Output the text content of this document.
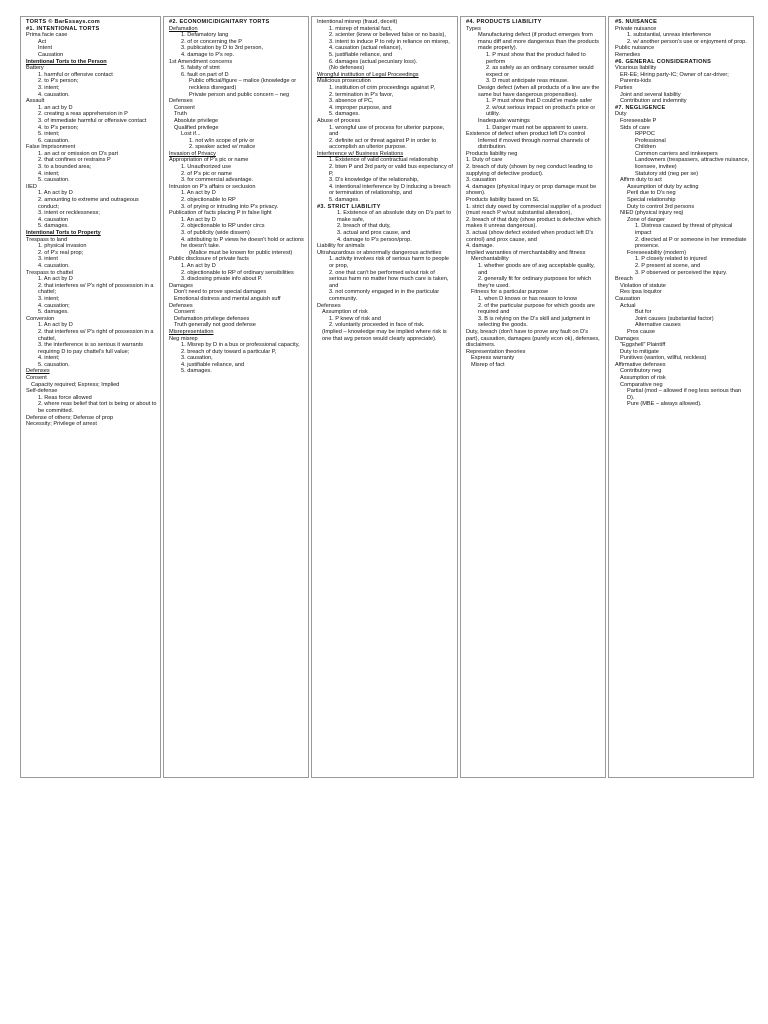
TORTS © BarEssays.com
#1. INTENTIONAL TORTS
Prima facie case
Act
Intent
Causation
Intentional Torts to the Person
Battery
1. harmful or offensive contact
2. to P's person;
3. intent;
4. causation.
Assault
1. an act by D
2. creating a reas apprehension in P
3. of immediate harmful or offensive contact
4. to P's person;
5. intent;
6. causation.
False Imprisonment
1. an act or omission on D's part
2. that confines or restrains P
3. to a bounded area;
4. intent;
5. causation.
IIED
1. An act by D
2. amounting to extreme and outrageous conduct;
3. intent or recklessness;
4. causation
5. damages.
Intentional Torts to Property
Trespass to land
1. physical invasion
2. of P's real prop;
3. intent
4. causation.
Trespass to chattel
1. An act by D
2. that interferes w/ P's right of possession in a chattel;
3. intent;
4. causation;
5. damages.
Conversion
1. An act by D
2. that interferes w/ P's right of possession in a chattel,
3. the interference is so serious it warrants requiring D to pay chattel's full value;
4. intent;
5. causation.
Defenses
Consent
Capacity required; Express; Implied
Self-defense
1. Reas force allowed
2. where reas belief that tort is being or about to be committed.
Defense of others; Defense of prop
Necessity; Privilege of arrest
#2. ECONOMIC/DIGNITARY TORTS
Defamation
1. Defamatory lang
2. of or concerning the P
3. publication by D to 3rd person,
4. damage to P's rep.
1st Amendment concerns
5. falsity of stmt
6. fault on part of D
Public official/figure – malice (knowledge or reckless disregard)
Private person and public concern – neg
Defenses
Consent
Truth
Absolute privilege
Qualified privilege
Lost if...
1. not w/in scope of priv or
2. speaker acted w/ malice
Invasion of Privacy
Appropriation of P's pic or name
1. Unauthorized use
2. of P's pic or name
3. for commercial advantage.
Intrusion on P's affairs or seclusion
1. An act by D
2. objectionable to RP
3. of prying or intruding into P's privacy.
Publication of facts placing P in false light
1. An act by D
2. objectionable to RP under circs
3. of publicity (wide dissem)
4. attributing to P views he doesn't hold or actions he doesn't take.
(Malice must be known for public interest)
Public disclosure of private facts
1. An act by D
2. objectionable to RP of ordinary sensibilities
3. disclosing private info about P.
Damages
Don't need to prove special damages
Emotional distress and mental anguish suff
Defenses
Consent
Defamation privilege defenses
Truth generally not good defense
Misrepresentation
Neg misrep
1. Misrep by D in a bus or professional capacity,
2. breach of duty toward a particular P,
3. causation,
4. justifiable reliance, and
5. damages.
Intentional misrep (fraud, deceit)
1. misrep of material fact,
2. scienter (knew or believed false or no basis),
3. intent to induce P to rely in reliance on misrep,
4. causation (actual reliance),
5. justifiable reliance, and
6. damages (actual pecuniary loss).
(No defenses)
Wrongful institution of Legal Proceedings
Malicious prosecution
1. institution of crim proceedings against P,
2. termination in P's favor,
3. absence of PC,
4. improper purpose, and
5. damages.
Abuse of process
1. wrongful use of process for ulterior purpose, and
2. definite act or threat against P in order to accomplish an ulterior purpose.
Interference w/ Business Relations
1. Existence of valid contractual relationship
2. btwn P and 3rd party or valid bus expectancy of P,
3. D's knowledge of the relationship,
4. intentional interference by D inducing a breach or termination of relationship, and
5. damages.
#3. STRICT LIABILITY
1. Existence of an absolute duty on D's part to make safe,
2. breach of that duty,
3. actual and prox cause, and
4. damage to P's person/prop.
Liability for animals
Ultrahazardous or abnormally dangerous activities
1. activity involves risk of serious harm to people or prop,
2. one that can't be performed w/out risk of serious harm no matter how much care is taken, and
3. not commonly engaged in in the particular community.
Defenses
Assumption of risk
1. P knew of risk and
2. voluntarily proceeded in face of risk.
(Implied – knowledge may be implied where risk is one that avg person would clearly appreciate).
#4. PRODUCTS LIABILITY
Types
Manufacturing defect (if product emerges from manu diff and more dangerous than the products made properly).
1. P must show that the product failed to perform
2. as safely as an ordinary consumer would expect or
3. D must anticipate reas misuse.
Design defect (when all products of a line are the same but have dangerous propensities).
1. P must show that D could've made safer
2. w/out serious impact on product's price or utility.
Inadequate warnings
1. Danger must not be apparent to users.
Existence of defect when product left D's control
Inferred if moved through normal channels of distribution.
Products liability neg
1. Duty of care
2. breach of duty (shown by neg conduct leading to supplying of defective product).
3. causation
4. damages (physical injury or prop damage must be shown).
Products liability based on SL
1. strict duty owed by commercial supplier of a product (must reach P w/out substantial alteration),
2. breach of that duty (show product is defective which makes it unreas dangerous).
3. actual (show defect existed when product left D's control) and prox cause, and
4. damage.
Implied warranties of merchantability and fitness
Merchantability
1. whether goods are of avg acceptable quality, and
2. generally fit for ordinary purposes for which they're used.
Fitness for a particular purpose
1. when D knows or has reason to know
2. of the particular purpose for which goods are required and
3. B is relying on the D's skill and judgment in selecting the goods.
Duty, breach (don't have to prove any fault on D's part), causation, damages (purely econ ok), defenses, disclaimers.
Representation theories
Express warranty
Misrep of fact
#5. NUISANCE
Private nuisance
1. substantial, unreas interference
2. w/ another person's use or enjoyment of prop.
Public nuisance
Remedies
#6. GENERAL CONSIDERATIONS
Vicarious liability
ER-EE; Hiring party-IC; Owner of car-driver; Parents-kids
Parties
Joint and several liability
Contribution and indemnity
#7. NEGLIGENCE
Duty
Foreseeable P
Stds of care
RPPOC
Professional
Children
Common carriers and innkeepers
Landowners (trespassers, attractive nuisance, licensee, invitee)
Statutory std (neg per se)
Affirm duty to act
Assumption of duty by acting
Peril due to D's neg
Special relationship
Duty to control 3rd persons
NIED (physical injury req)
Zone of danger
1. Distress caused by threat of physical impact
2. directed at P or someone in her immediate presence.
Foreseeability (modern)
1. P closely related to injured
2. P present at scene, and
3. P observed or perceived the injury.
Breach
Violation of statute
Res ipsa loquitor
Causation
Actual
But for
Joint causes (substantial factor)
Alternative causes
Prox cause
Damages
"Eggshell" Plaintiff
Duty to mitigate
Punitives (wanton, willful, reckless)
Affirmative defenses
Contributory neg
Assumption of risk
Comparative neg
Partial (mod – allowed if neg less serious than D).
Pure (MBE – always allowed).
